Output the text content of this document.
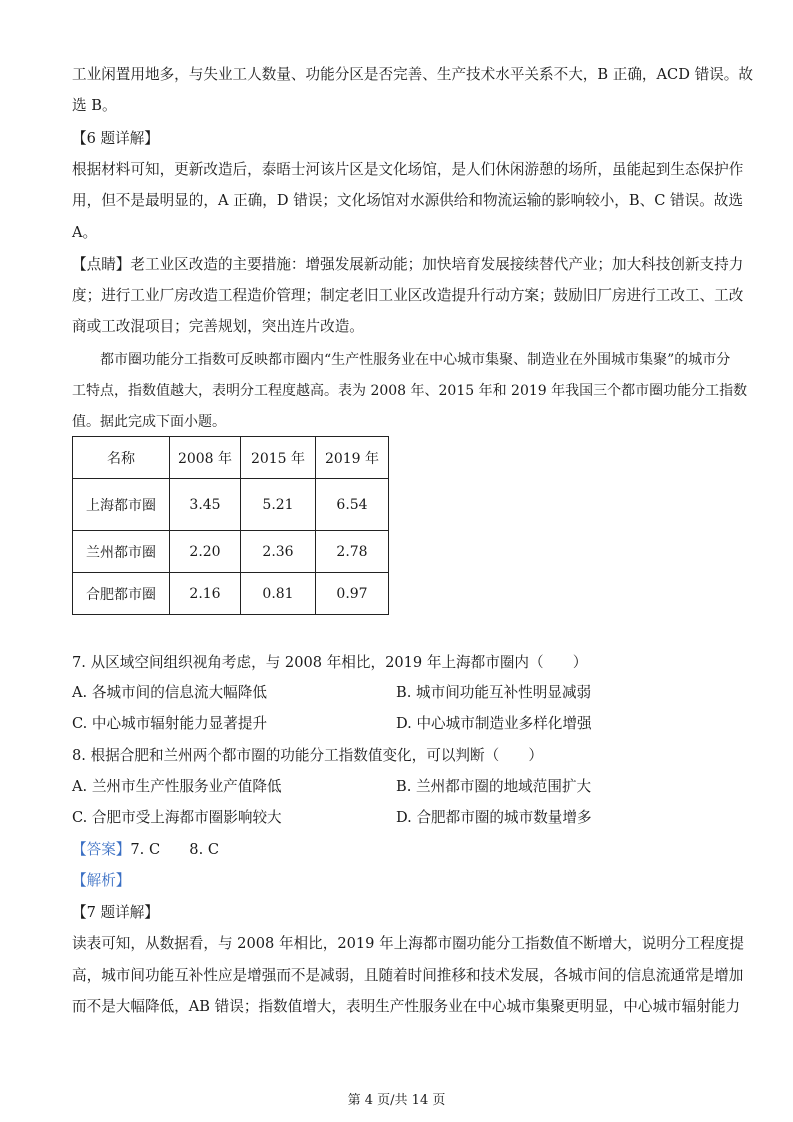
工业闲置用地多，与失业工人数量、功能分区是否完善、生产技术水平关系不大，B 正确，ACD 错误。故
选 B。
【6 题详解】
根据材料可知，更新改造后，泰晤士河该片区是文化场馆，是人们休闲游憩的场所，虽能起到生态保护作
用，但不是最明显的，A 正确，D 错误；文化场馆对水源供给和物流运输的影响较小，B、C 错误。故选
A。
【点睛】老工业区改造的主要措施：增强发展新动能；加快培育发展接续替代产业；加大科技创新支持力
度；进行工业厂房改造工程造价管理；制定老旧工业区改造提升行动方案；鼓励旧厂房进行工改工、工改
商或工改混项目；完善规划，突出连片改造。
　　都市圈功能分工指数可反映都市圈内“生产性服务业在中心城市集聚、制造业在外围城市集聚”的城市分
工特点，指数值越大，表明分工程度越高。表为 2008 年、2015 年和 2019 年我国三个都市圈功能分工指数
值。据此完成下面小题。
名称	2008 年	2015 年	2019 年
上海都市圈	3.45	5.21	6.54
兰州都市圈	2.20	2.36	2.78
合肥都市圈	2.16	0.81	0.97
7. 从区域空间组织视角考虑，与 2008 年相比，2019 年上海都市圈内（　　）
A. 各城市间的信息流大幅降低	B. 城市间功能互补性明显减弱
C. 中心城市辐射能力显著提升	D. 中心城市制造业多样化增强
8. 根据合肥和兰州两个都市圈的功能分工指数值变化，可以判断（　　）
A. 兰州市生产性服务业产值降低	B. 兰州都市圈的地域范围扩大
C. 合肥市受上海都市圈影响较大	D. 合肥都市圈的城市数量增多
【答案】7. C　　8. C
【解析】
【7 题详解】
读表可知，从数据看，与 2008 年相比，2019 年上海都市圈功能分工指数值不断增大，说明分工程度提
高，城市间功能互补性应是增强而不是减弱，且随着时间推移和技术发展，各城市间的信息流通常是增加
而不是大幅降低，AB 错误；指数值增大，表明生产性服务业在中心城市集聚更明显，中心城市辐射能力
第 4 页/共 14 页
